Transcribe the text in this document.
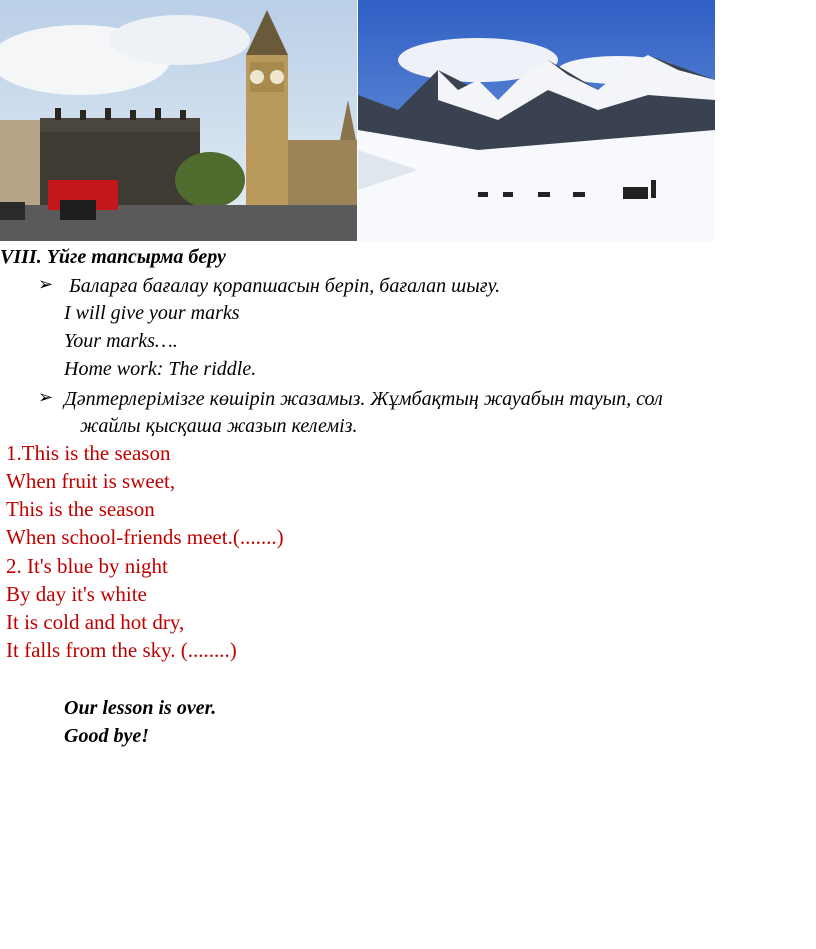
VIII. Үйге тапсырма беру
➢ Баларға бағалау қорапшасын беріп, бағалап шығу.
I will give your marks
Your marks….
Home work: The riddle.
➢ Дәптерлерімізге көшіріп жазамыз. Жұмбақтың жауабын тауып, сол
жайлы қысқаша жазып келеміз.
1.This is the season
When fruit is sweet,
This is the season
When school-friends meet.(.......)
2. It's blue by night
By day it's white
It is cold and hot dry,
It falls from the sky. (........)
Our lesson is over.
Good bye!
